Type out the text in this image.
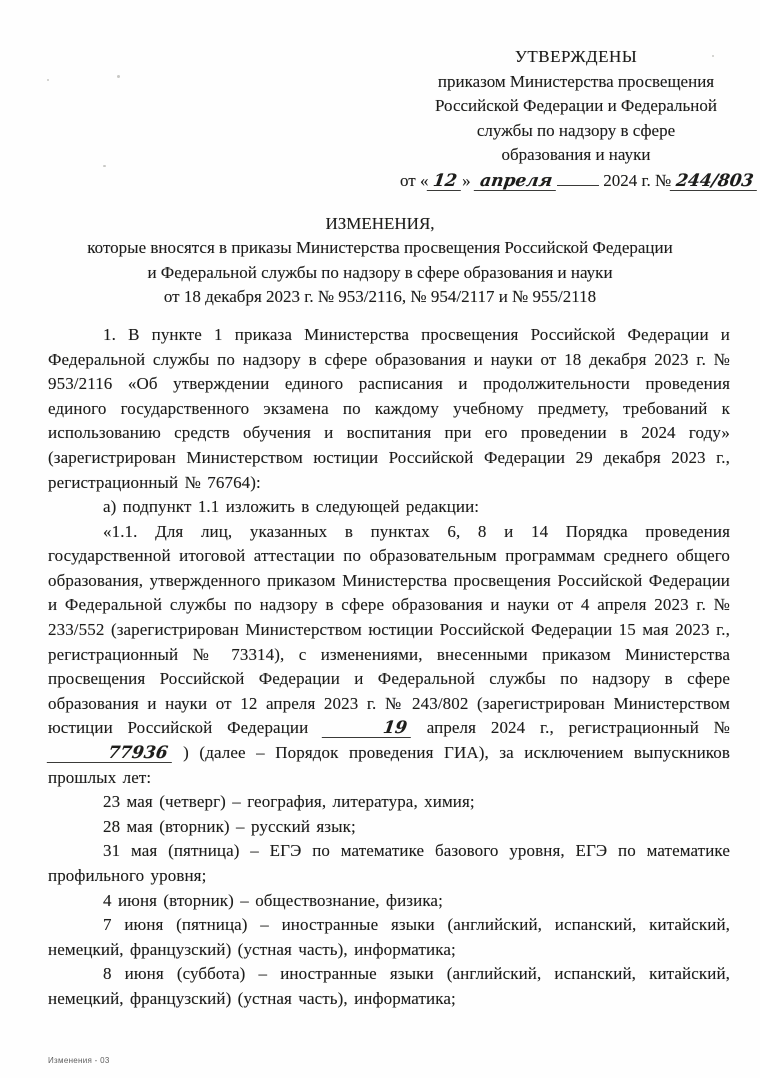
УТВЕРЖДЕНЫ
приказом Министерства просвещения
Российской Федерации и Федеральной
службы по надзору в сфере
образования и науки
от « 12 » апреля	2024 г. № 244/803
ИЗМЕНЕНИЯ,
которые вносятся в приказы Министерства просвещения Российской Федерации
и Федеральной службы по надзору в сфере образования и науки
от 18 декабря 2023 г. № 953/2116, № 954/2117 и № 955/2118

1. В пункте 1 приказа Министерства просвещения Российской Федерации и Федеральной службы по надзору в сфере образования и науки от 18 декабря 2023 г. № 953/2116 «Об утверждении единого расписания и продолжительности проведения единого государственного экзамена по каждому учебному предмету, требований к использованию средств обучения и воспитания при его проведении в 2024 году» (зарегистрирован Министерством юстиции Российской Федерации 29 декабря 2023 г., регистрационный № 76764):

а) подпункт 1.1 изложить в следующей редакции:

«1.1. Для лиц, указанных в пунктах 6, 8 и 14 Порядка проведения государственной итоговой аттестации по образовательным программам среднего общего образования, утвержденного приказом Министерства просвещения Российской Федерации и Федеральной службы по надзору в сфере образования и науки от 4 апреля 2023 г. № 233/552 (зарегистрирован Министерством юстиции Российской Федерации 15 мая 2023 г., регистрационный № 73314), с изменениями, внесенными приказом Министерства просвещения Российской Федерации и Федеральной службы по надзору в сфере образования и науки от 12 апреля 2023 г. № 243/802 (зарегистрирован Министерством юстиции Российской Федерации	19 апреля 2024 г., регистрационный № 77936 ) (далее – Порядок проведения ГИА), за исключением выпускников прошлых лет:

23 мая (четверг) – география, литература, химия;

28 мая (вторник) – русский язык;

31 мая (пятница) – ЕГЭ по математике базового уровня, ЕГЭ по математике профильного уровня;

4 июня (вторник) – обществознание, физика;

7 июня (пятница) – иностранные языки (английский, испанский, китайский, немецкий, французский) (устная часть), информатика;

8 июня (суббота) – иностранные языки (английский, испанский, китайский, немецкий, французский) (устная часть), информатика;

Изменения - 03
